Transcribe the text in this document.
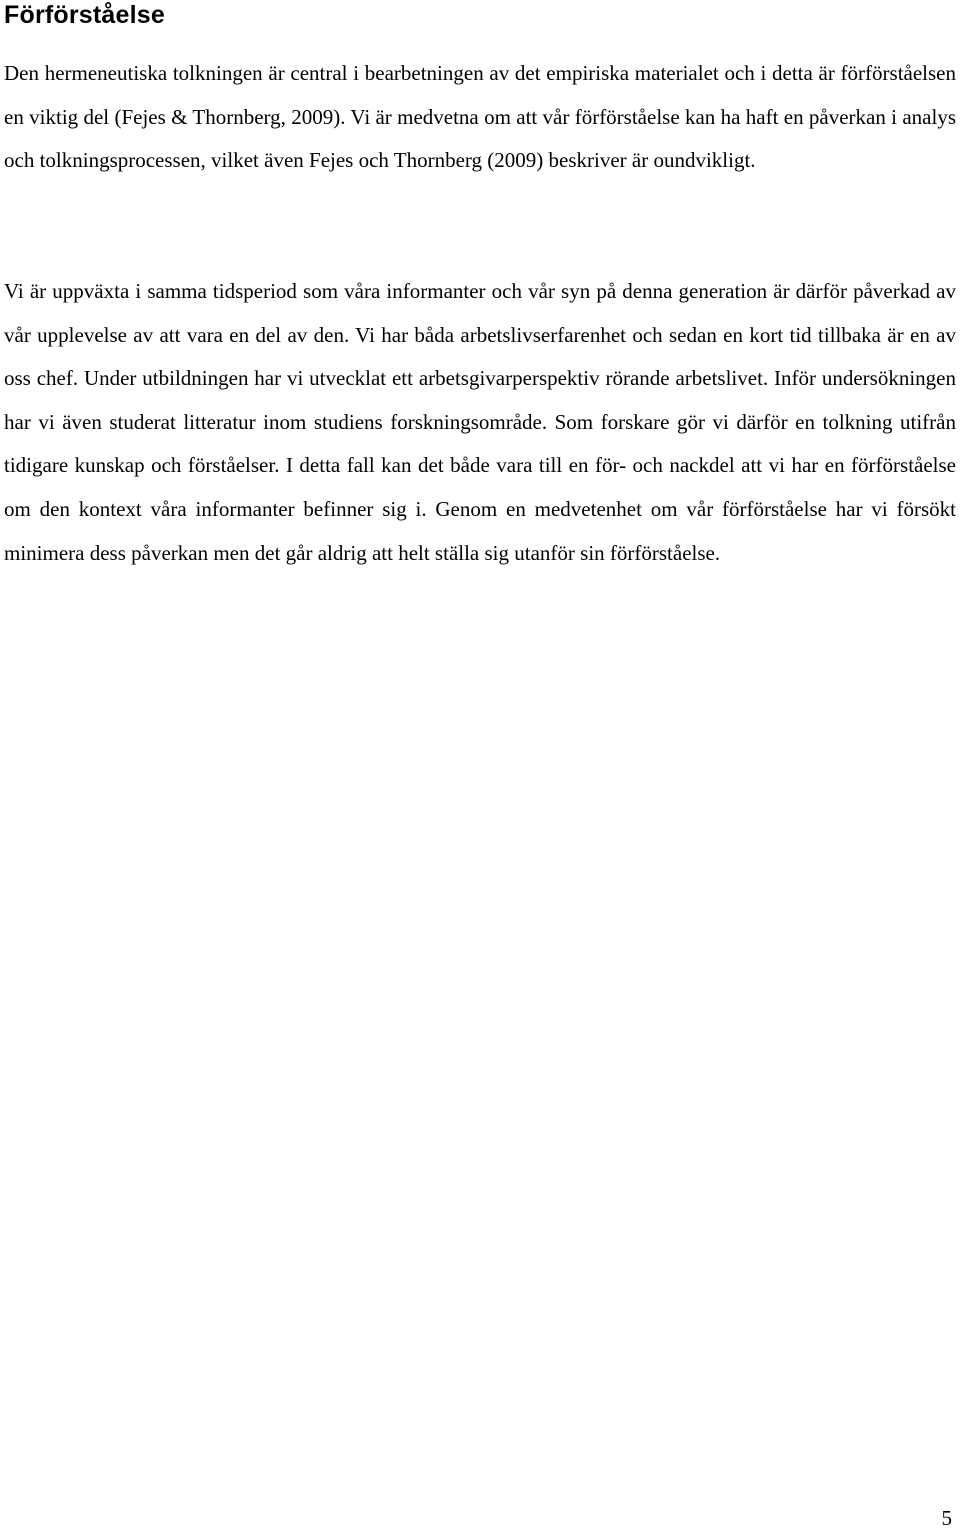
Förförståelse

Den hermeneutiska tolkningen är central i bearbetningen av det empiriska materialet och i detta är förförståelsen en viktig del (Fejes & Thornberg, 2009). Vi är medvetna om att vår förförståelse kan ha haft en påverkan i analys och tolkningsprocessen, vilket även Fejes och Thornberg (2009) beskriver är oundvikligt.

Vi är uppväxta i samma tidsperiod som våra informanter och vår syn på denna generation är därför påverkad av vår upplevelse av att vara en del av den. Vi har båda arbetslivserfarenhet och sedan en kort tid tillbaka är en av oss chef. Under utbildningen har vi utvecklat ett arbetsgivarperspektiv rörande arbetslivet. Inför undersökningen har vi även studerat litteratur inom studiens forskningsområde. Som forskare gör vi därför en tolkning utifrån tidigare kunskap och förståelser. I detta fall kan det både vara till en för- och nackdel att vi har en förförståelse om den kontext våra informanter befinner sig i. Genom en medvetenhet om vår förförståelse har vi försökt minimera dess påverkan men det går aldrig att helt ställa sig utanför sin förförståelse.

5
